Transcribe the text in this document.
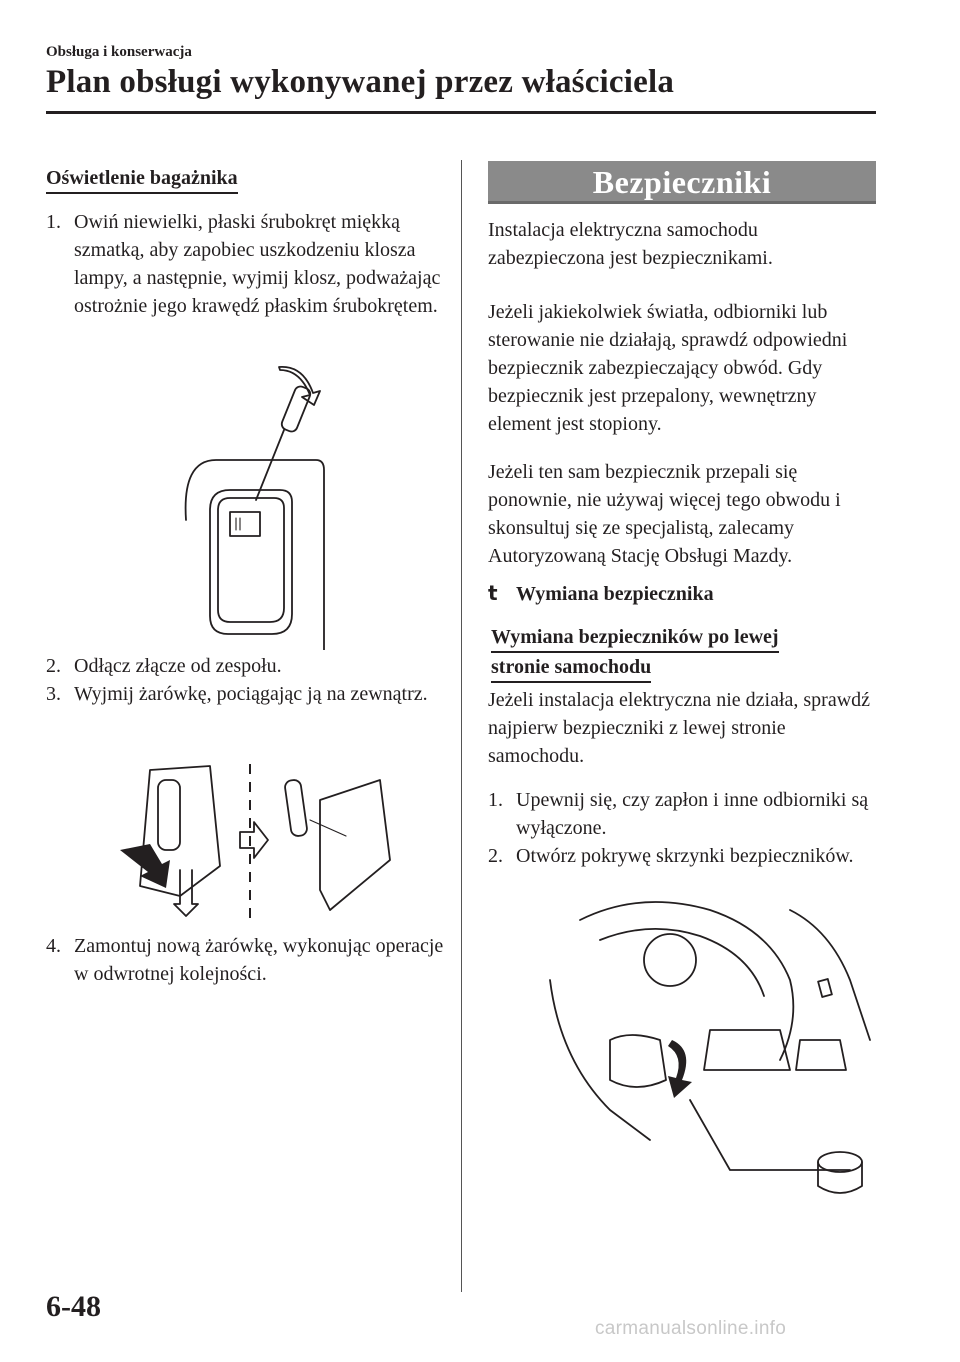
Obsługa i konserwacja
Plan obsługi wykonywanej przez właściciela
Oświetlenie bagażnika
1. Owiń niewielki, płaski śrubokręt miękką szmatką, aby zapobiec uszkodzeniu klosza lampy, a następnie, wyjmij klosz, podważając ostrożnie jego krawędź płaskim śrubokrętem.
2. Odłącz złącze od zespołu.
3. Wyjmij żarówkę, pociągając ją na zewnątrz.
4. Zamontuj nową żarówkę, wykonując operacje w odwrotnej kolejności.
Bezpieczniki
Instalacja elektryczna samochodu zabezpieczona jest bezpiecznikami.
Jeżeli jakiekolwiek światła, odbiorniki lub sterowanie nie działają, sprawdź odpowiedni bezpiecznik zabezpieczający obwód. Gdy bezpiecznik jest przepalony, wewnętrzny element jest stopiony.
Jeżeli ten sam bezpiecznik przepali się ponownie, nie używaj więcej tego obwodu i skonsultuj się ze specjalistą, zalecamy Autoryzowaną Stację Obsługi Mazdy.
t Wymiana bezpiecznika
Wymiana bezpieczników po lewej
stronie samochodu
Jeżeli instalacja elektryczna nie działa, sprawdź najpierw bezpieczniki z lewej stronie samochodu.
1. Upewnij się, czy zapłon i inne odbiorniki są wyłączone.
2. Otwórz pokrywę skrzynki bezpieczników.
6-48
carmanualsonline.info
